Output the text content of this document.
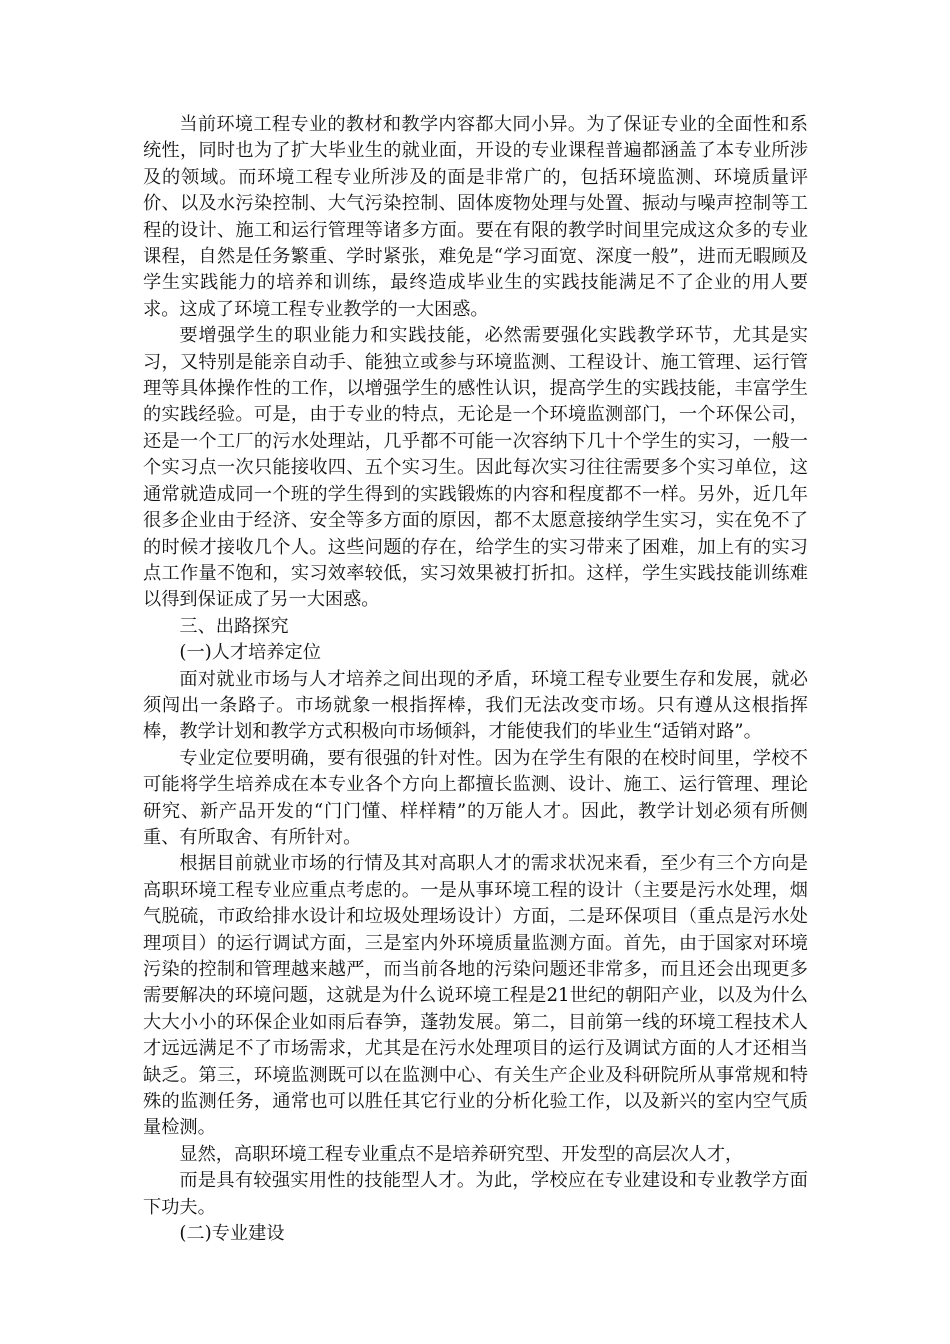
当前环境工程专业的教材和教学内容都大同小异。为了保证专业的全面性和系统性，同时也为了扩大毕业生的就业面，开设的专业课程普遍都涵盖了本专业所涉及的领域。而环境工程专业所涉及的面是非常广的，包括环境监测、环境质量评价、以及水污染控制、大气污染控制、固体废物处理与处置、振动与噪声控制等工程的设计、施工和运行管理等诸多方面。要在有限的教学时间里完成这众多的专业课程，自然是任务繁重、学时紧张，难免是“学习面宽、深度一般”，进而无暇顾及学生实践能力的培养和训练，最终造成毕业生的实践技能满足不了企业的用人要求。这成了环境工程专业教学的一大困惑。

要增强学生的职业能力和实践技能，必然需要强化实践教学环节，尤其是实习，又特别是能亲自动手、能独立或参与环境监测、工程设计、施工管理、运行管理等具体操作性的工作，以增强学生的感性认识，提高学生的实践技能，丰富学生的实践经验。可是，由于专业的特点，无论是一个环境监测部门，一个环保公司，还是一个工厂的污水处理站，几乎都不可能一次容纳下几十个学生的实习，一般一个实习点一次只能接收四、五个实习生。因此每次实习往往需要多个实习单位，这通常就造成同一个班的学生得到的实践锻炼的内容和程度都不一样。另外，近几年很多企业由于经济、安全等多方面的原因，都不太愿意接纳学生实习，实在免不了的时候才接收几个人。这些问题的存在，给学生的实习带来了困难，加上有的实习点工作量不饱和，实习效率较低，实习效果被打折扣。这样，学生实践技能训练难以得到保证成了另一大困惑。

三、出路探究

(一)人才培养定位

面对就业市场与人才培养之间出现的矛盾，环境工程专业要生存和发展，就必须闯出一条路子。市场就象一根指挥棒，我们无法改变市场。只有遵从这根指挥棒，教学计划和教学方式积极向市场倾斜，才能使我们的毕业生“适销对路”。

专业定位要明确，要有很强的针对性。因为在学生有限的在校时间里，学校不可能将学生培养成在本专业各个方向上都擅长监测、设计、施工、运行管理、理论研究、新产品开发的“门门懂、样样精”的万能人才。因此，教学计划必须有所侧重、有所取舍、有所针对。

根据目前就业市场的行情及其对高职人才的需求状况来看，至少有三个方向是高职环境工程专业应重点考虑的。一是从事环境工程的设计（主要是污水处理，烟气脱硫，市政给排水设计和垃圾处理场设计）方面，二是环保项目（重点是污水处理项目）的运行调试方面，三是室内外环境质量监测方面。首先，由于国家对环境污染的控制和管理越来越严，而当前各地的污染问题还非常多，而且还会出现更多需要解决的环境问题，这就是为什么说环境工程是21世纪的朝阳产业，以及为什么大大小小的环保企业如雨后春笋，蓬勃发展。第二，目前第一线的环境工程技术人才远远满足不了市场需求，尤其是在污水处理项目的运行及调试方面的人才还相当缺乏。第三，环境监测既可以在监测中心、有关生产企业及科研院所从事常规和特殊的监测任务，通常也可以胜任其它行业的分析化验工作，以及新兴的室内空气质量检测。

显然，高职环境工程专业重点不是培养研究型、开发型的高层次人才，

而是具有较强实用性的技能型人才。为此，学校应在专业建设和专业教学方面下功夫。

(二)专业建设
